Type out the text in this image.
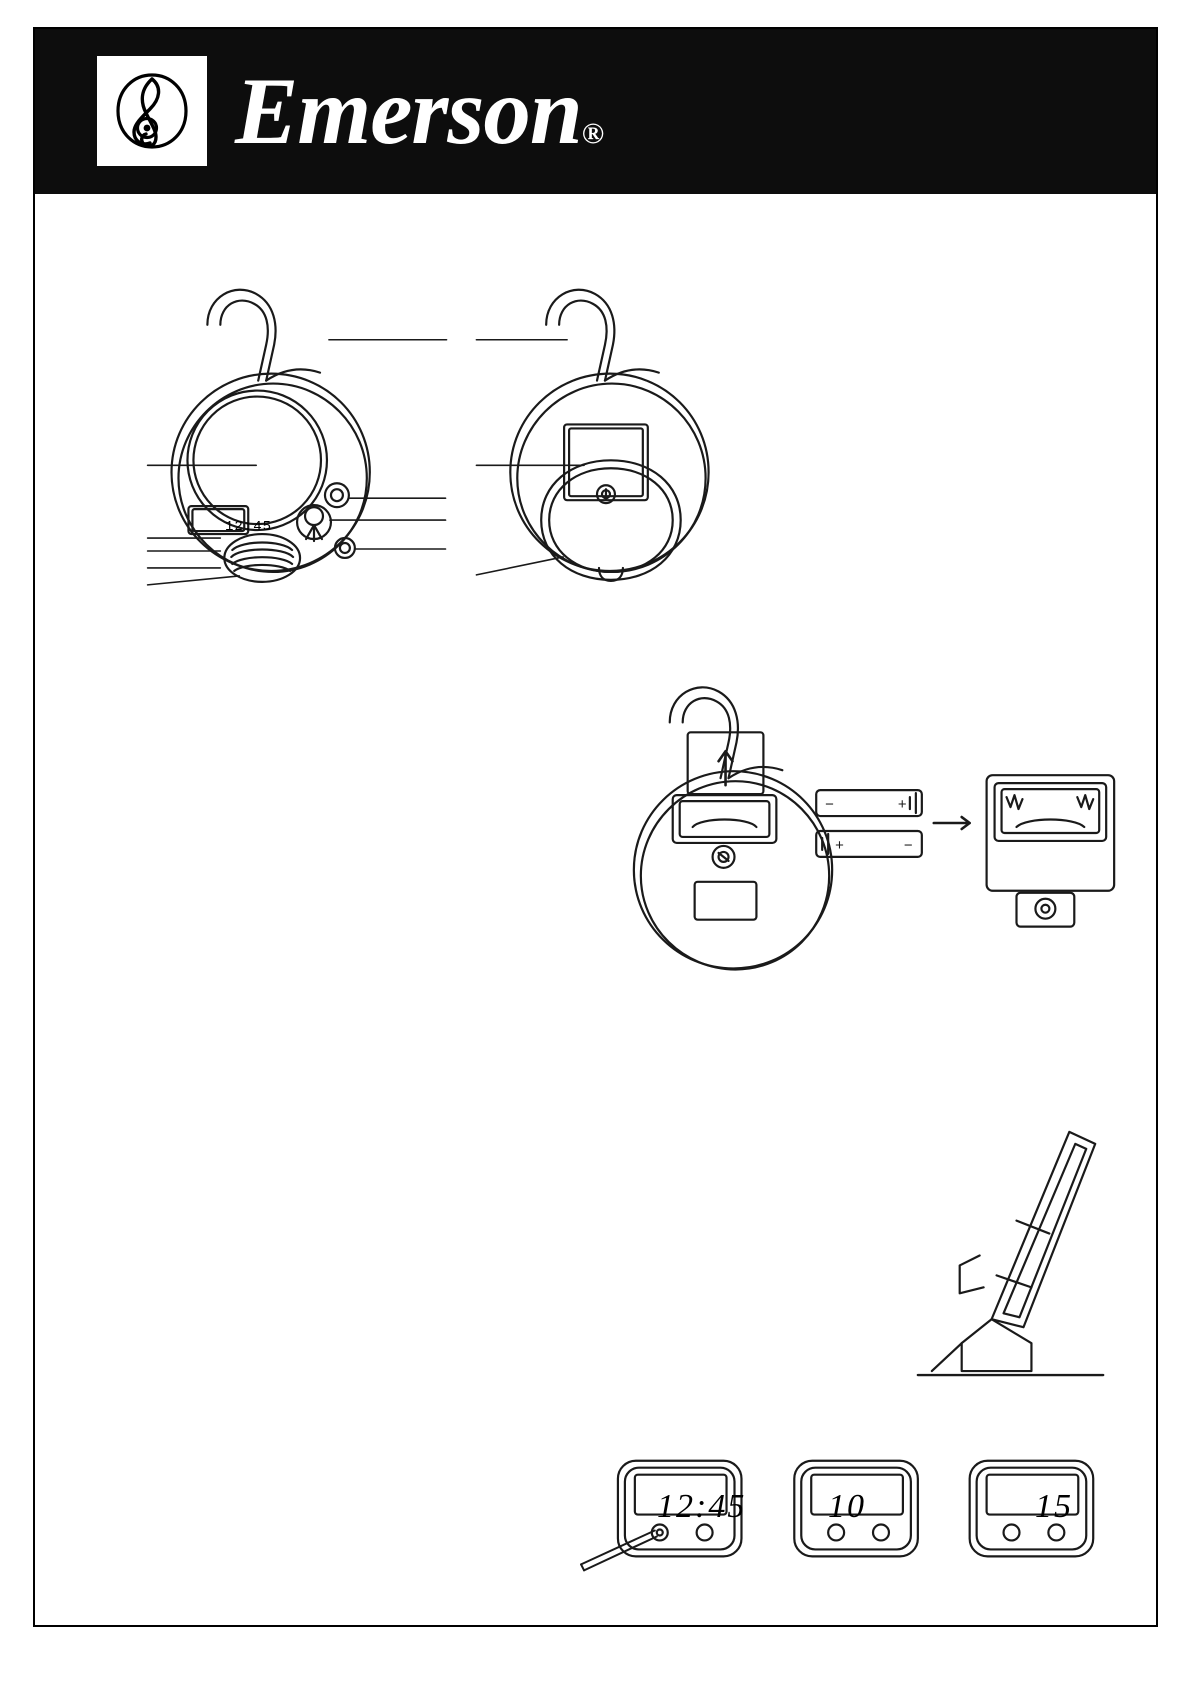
Emerson®
−	+
+	−
12:45
12:45 10	15
